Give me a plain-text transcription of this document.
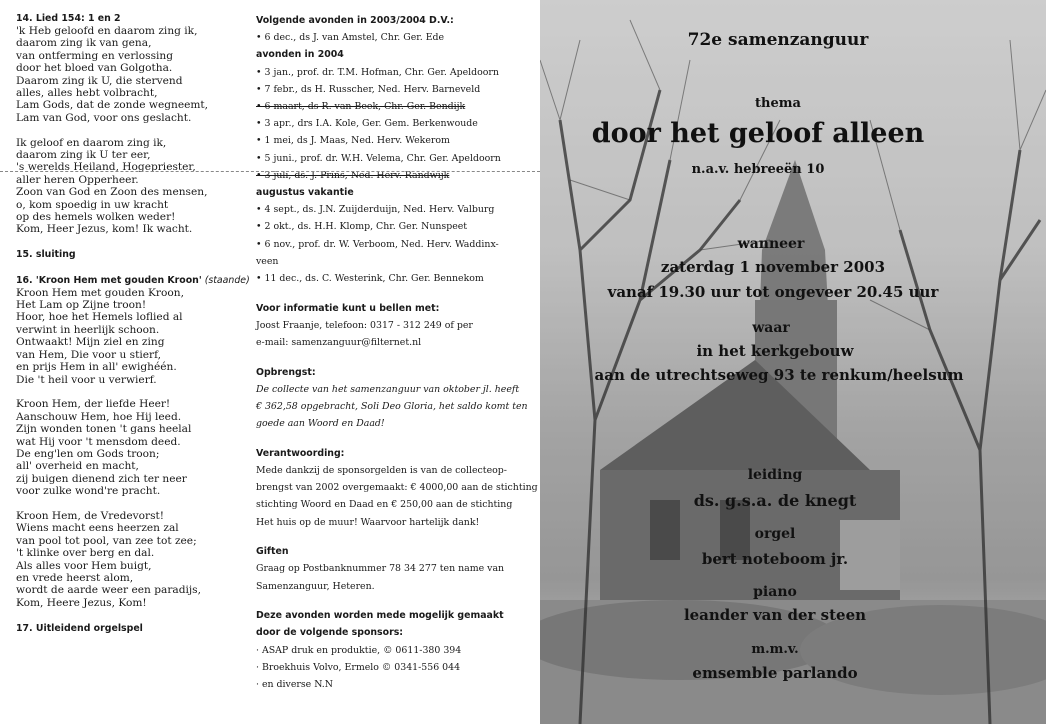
14. Lied 154: 1 en 2
'k Heb geloofd en daarom zing ik,
daarom zing ik van gena,
van ontferming en verlossing
door het bloed van Golgotha.
Daarom zing ik U, die stervend
alles, alles hebt volbracht,
Lam Gods, dat de zonde wegneemt,
Lam van God, voor ons geslacht.
Ik geloof en daarom zing ik,
daarom zing ik U ter eer,
's werelds Heiland, Hogepriester,
aller heren Opperheer.
Zoon van God en Zoon des mensen,
o, kom spoedig in uw kracht
op des hemels wolken weder!
Kom, Heer Jezus, kom! Ik wacht.
15. sluiting
16. 'Kroon Hem met gouden Kroon' (staande)
Kroon Hem met gouden Kroon,
Het Lam op Zijne troon!
Hoor, hoe het Hemels loflied al
verwint in heerlijk schoon.
Ontwaakt! Mijn ziel en zing
van Hem, Die voor u stierf,
en prijs Hem in all' ewighéén.
Die 't heil voor u verwierf.
Kroon Hem, der liefde Heer!
Aanschouw Hem, hoe Hij leed.
Zijn wonden tonen 't gans heelal
wat Hij voor 't mensdom deed.
De eng'len om Gods troon;
all' overheid en macht,
zij buigen dienend zich ter neer
voor zulke wond're pracht.
Kroon Hem, de Vredevorst!
Wiens macht eens heerzen zal
van pool tot pool, van zee tot zee;
't klinke over berg en dal.
Als alles voor Hem buigt,
en vrede heerst alom,
wordt de aarde weer een paradijs,
Kom, Heere Jezus, Kom!
17. Uitleidend orgelspel
Volgende avonden in 2003/2004 D.V.:
• 6 dec., ds J. van Amstel, Chr. Ger. Ede
avonden in 2004
• 3 jan., prof. dr. T.M. Hofman, Chr. Ger. Apeldoorn
• 7 febr., ds H. Russcher, Ned. Herv. Barneveld
• 6 maart, ds R. van Beek, Chr. Ger. Bendijk
• 3 apr., drs I.A. Kole, Ger. Gem. Berkenwoude
• 1 mei, ds J. Maas, Ned. Herv. Wekerom
• 5 juni., prof. dr. W.H. Velema, Chr. Ger. Apeldoorn
• 3 juli, ds. J. Prins, Ned. Herv. Randwijk
augustus vakantie
• 4 sept., ds. J.N. Zuijderduijn, Ned. Herv. Valburg
• 2 okt., ds. H.H. Klomp, Chr. Ger. Nunspeet
• 6 nov., prof. dr. W. Verboom, Ned. Herv. Waddinx-
veen
• 11 dec., ds. C. Westerink, Chr. Ger. Bennekom
Voor informatie kunt u bellen met:
Joost Fraanje, telefoon: 0317 - 312 249 of per
e-mail: samenzanguur@filternet.nl
Opbrengst:
De collecte van het samenzanguur van oktober jl. heeft
€ 362,58 opgebracht, Soli Deo Gloria, het saldo komt ten
goede aan Woord en Daad!
Verantwoording:
Mede dankzij de sponsorgelden is van de collecteop-
brengst van 2002 overgemaakt: € 4000,00 aan de stichting
stichting Woord en Daad en € 250,00 aan de stichting
Het huis op de muur! Waarvoor hartelijk dank!
Giften
Graag op Postbanknummer 78 34 277 ten name van
Samenzanguur, Heteren.
Deze avonden worden mede mogelijk gemaakt
door de volgende sponsors:
· ASAP druk en produktie, © 0611-380 394
· Broekhuis Volvo, Ermelo © 0341-556 044
· en diverse N.N
72e samenzanguur
thema
door het geloof alleen
n.a.v. hebreeën 10
wanneer
zaterdag 1 november 2003
vanaf 19.30 uur tot ongeveer 20.45 uur
waar
in het kerkgebouw
aan de utrechtseweg 93 te renkum/heelsum
leiding
ds. g.s.a. de knegt
orgel
bert noteboom jr.
piano
leander van der steen
m.m.v.
emsemble parlando
